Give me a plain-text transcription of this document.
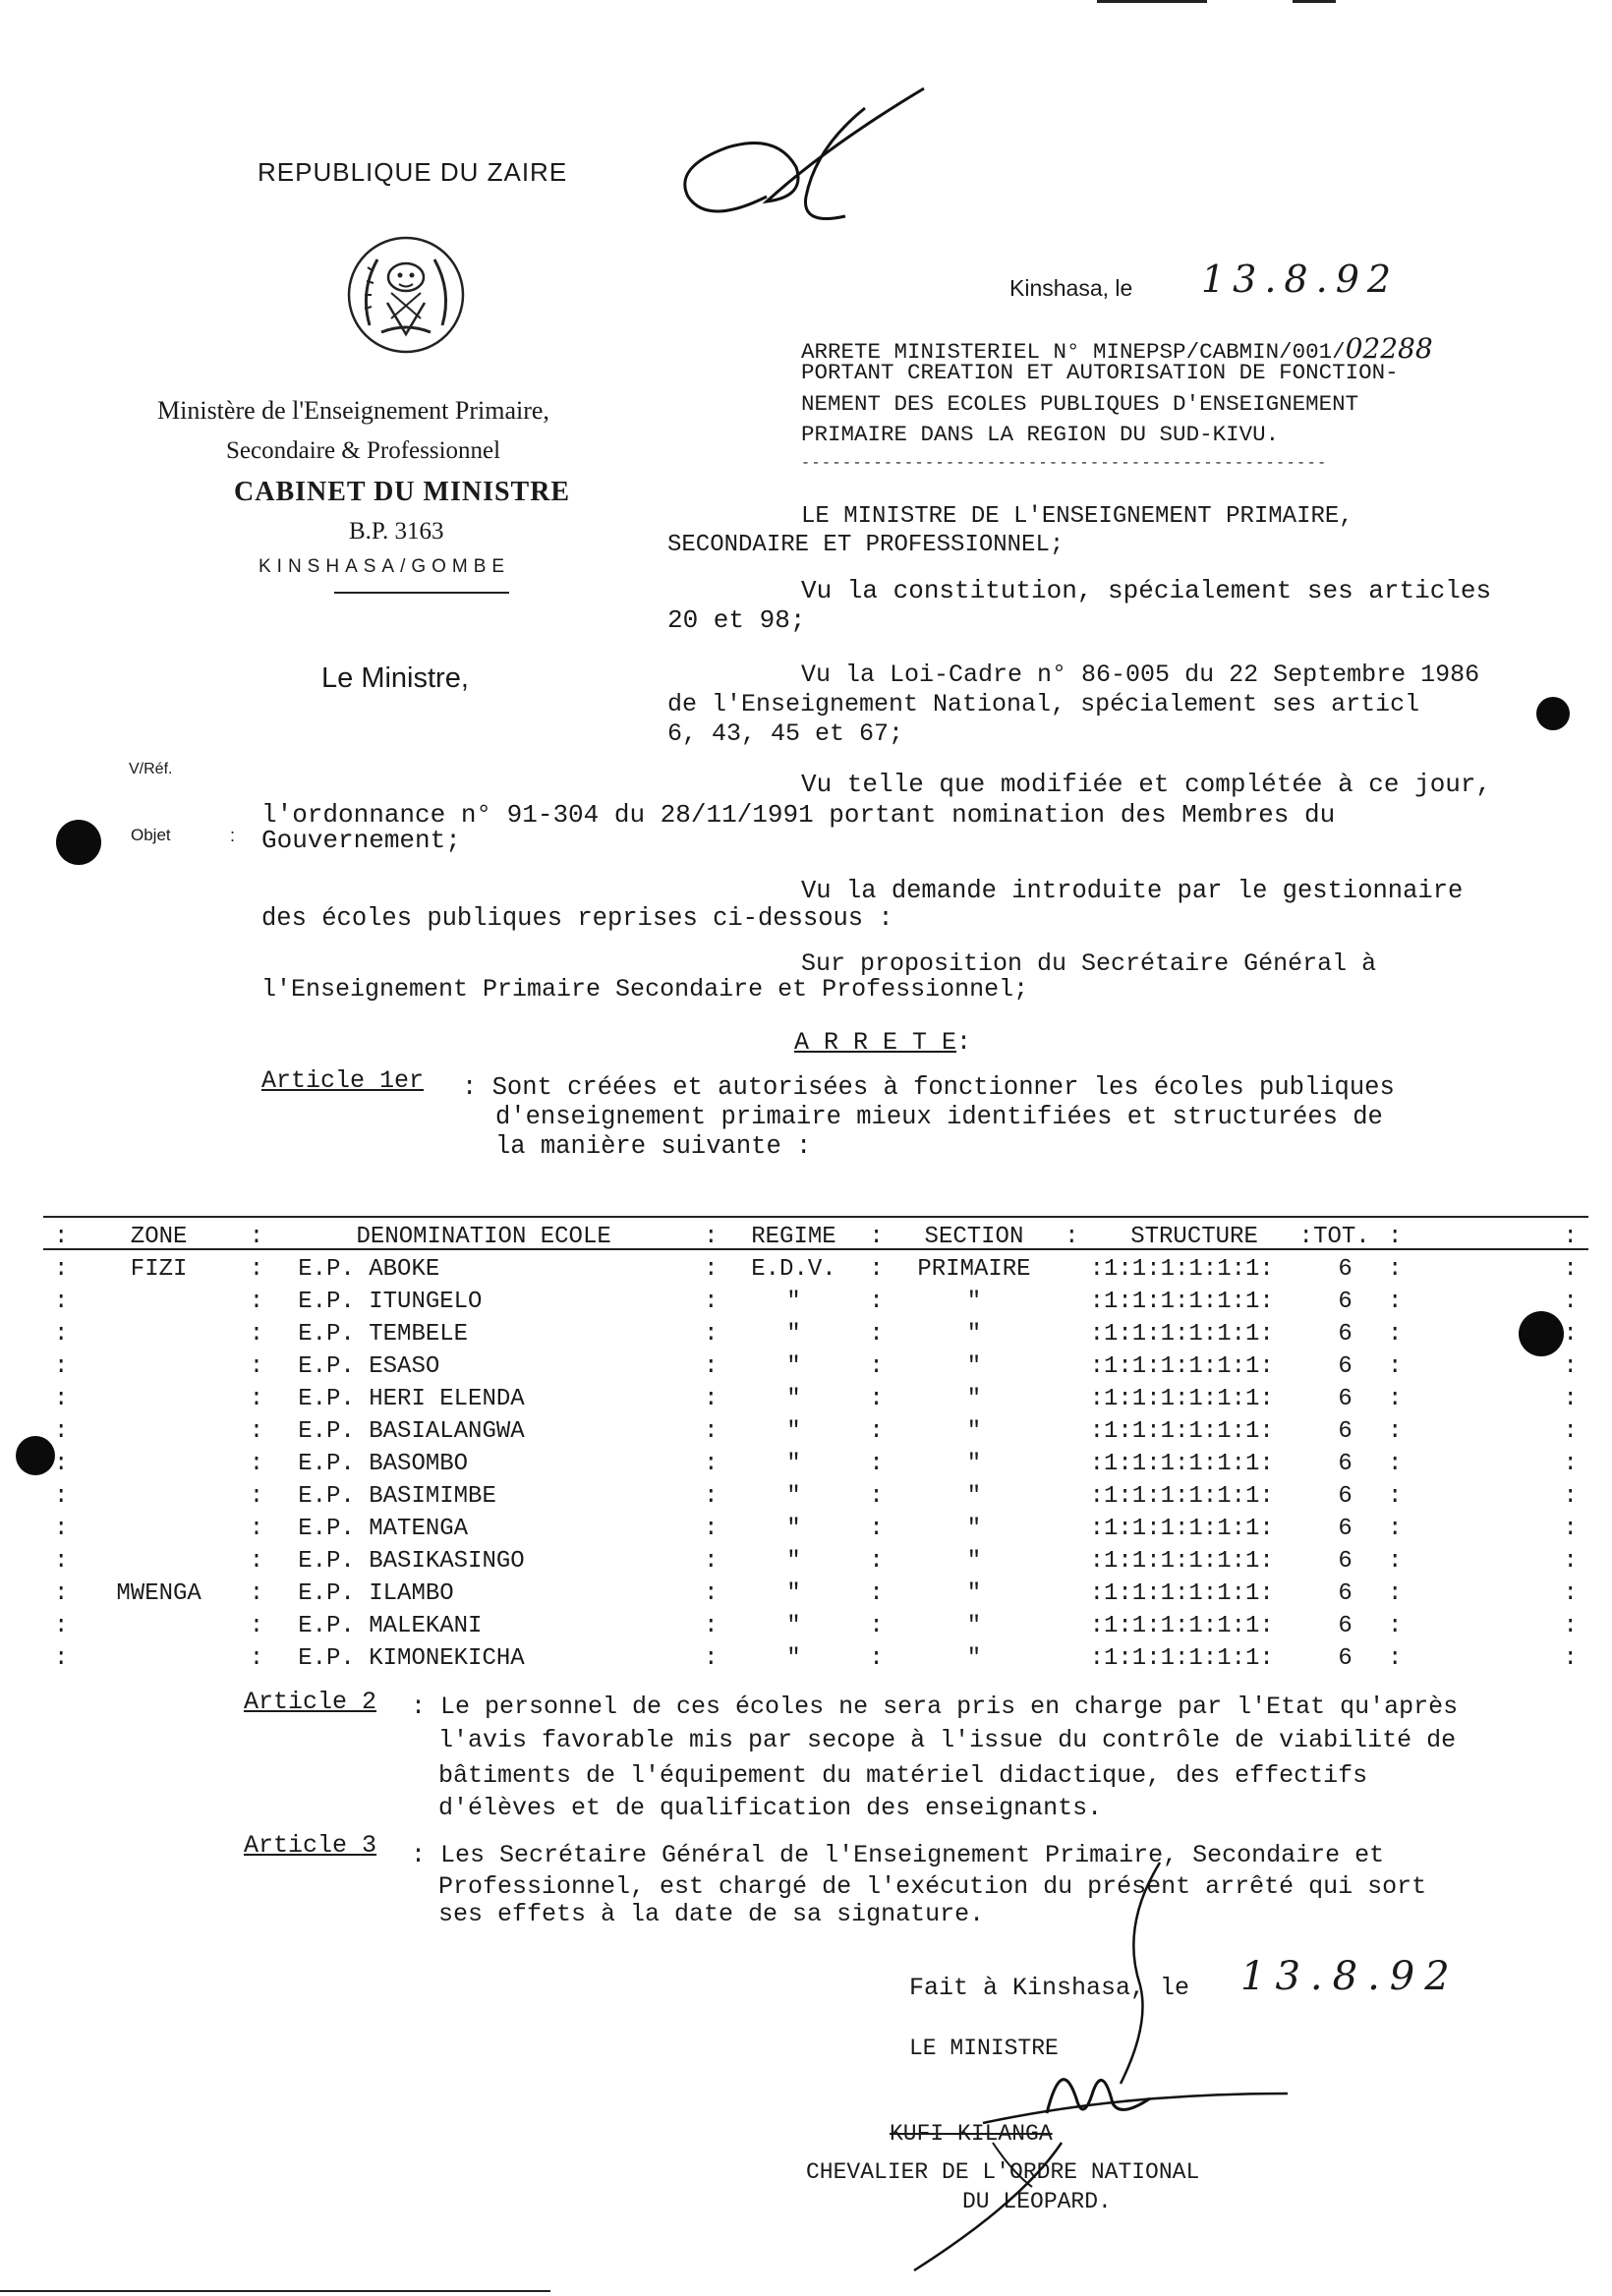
REPUBLIQUE DU ZAIRE
Ministère de l'Enseignement Primaire,
Secondaire & Professionnel
CABINET DU MINISTRE
B.P. 3163
KINSHASA/GOMBE
Le Ministre,
V/Réf.
Objet	:
Kinshasa, le 13.8.92
ARRETE MINISTERIEL N° MINEPSP/CABMIN/001/02288
PORTANT CREATION ET AUTORISATION DE FONCTION-
NEMENT DES ECOLES PUBLIQUES D'ENSEIGNEMENT
PRIMAIRE DANS LA REGION DU SUD-KIVU.
---------------------------------------------------
LE MINISTRE DE L'ENSEIGNEMENT PRIMAIRE,
SECONDAIRE ET PROFESSIONNEL;
Vu la constitution, spécialement ses articles
20 et 98;
Vu la Loi-Cadre n° 86-005 du 22 Septembre 1986
de l'Enseignement National, spécialement ses articl
6, 43, 45 et 67;
Vu telle que modifiée et complétée à ce jour,
l'ordonnance n° 91-304 du 28/11/1991 portant nomination des Membres du
Gouvernement;
Vu la demande introduite par le gestionnaire
des écoles publiques reprises ci-dessous :
Sur proposition du Secrétaire Général à
l'Enseignement Primaire Secondaire et Professionnel;
A R R E T E:
Article 1er : Sont créées et autorisées à fonctionner les écoles publiques
d'enseignement primaire mieux identifiées et structurées de
la manière suivante :
:	ZONE	:	DENOMINATION ECOLE	:	REGIME	:	SECTION	:	STRUCTURE	:	TOT.	:		:
:	FIZI	:	E.P. ABOKE	:	E.D.V.	:	PRIMAIRE		:1:1:1:1:1:1:		6	:		:
:		:	E.P. ITUNGELO	:	"	:	"		:1:1:1:1:1:1:		6	:		:
:		:	E.P. TEMBELE	:	"	:	"		:1:1:1:1:1:1:		6	:		:
:		:	E.P. ESASO	:	"	:	"		:1:1:1:1:1:1:		6	:		:
:		:	E.P. HERI ELENDA	:	"	:	"		:1:1:1:1:1:1:		6	:		:
:		:	E.P. BASIALANGWA	:	"	:	"		:1:1:1:1:1:1:		6	:		:
:		:	E.P. BASOMBO	:	"	:	"		:1:1:1:1:1:1:		6	:		:
:		:	E.P. BASIMIMBE	:	"	:	"		:1:1:1:1:1:1:		6	:		:
:		:	E.P. MATENGA	:	"	:	"		:1:1:1:1:1:1:		6	:		:
:		:	E.P. BASIKASINGO	:	"	:	"		:1:1:1:1:1:1:		6	:		:
:	MWENGA	:	E.P. ILAMBO	:	"	:	"		:1:1:1:1:1:1:		6	:		:
:		:	E.P. MALEKANI	:	"	:	"		:1:1:1:1:1:1:		6	:		:
:		:	E.P. KIMONEKICHA	:	"	:	"		:1:1:1:1:1:1:		6	:		:
Article 2 : Le personnel de ces écoles ne sera pris en charge par l'Etat qu'après
l'avis favorable mis par secope à l'issue du contrôle de viabilité de
bâtiments de l'équipement du matériel didactique, des effectifs
d'élèves et de qualification des enseignants.
Article 3 : Les Secrétaire Général de l'Enseignement Primaire, Secondaire et
Professionnel, est chargé de l'exécution du présent arrêté qui sort
ses effets à la date de sa signature.
Fait à Kinshasa, le 13.8.92
LE MINISTRE
KUFI KILANGA
CHEVALIER DE L'ORDRE NATIONAL
DU LEOPARD.
